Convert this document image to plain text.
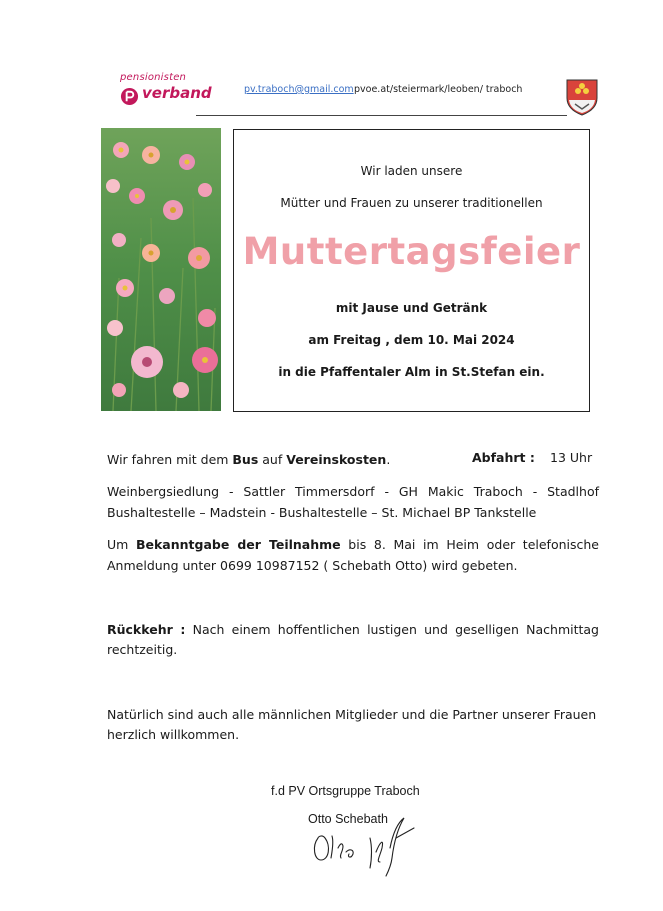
pensionisten
verband	pv.traboch@gmail.com pvoe.at/steiermark/leoben/ traboch
Wir laden unsere
Mütter und Frauen zu unserer traditionellen
Muttertagsfeier
mit Jause und Getränk
am Freitag , dem 10. Mai 2024
in die Pfaffentaler Alm in St.Stefan ein.
Wir fahren mit dem Bus auf Vereinskosten.	Abfahrt : 13 Uhr
Weinbergsiedlung - Sattler Timmersdorf - GH Makic Traboch - Stadlhof
Bushaltestelle – Madstein - Bushaltestelle – St. Michael BP Tankstelle
Um Bekanntgabe der Teilnahme bis 8. Mai im Heim oder telefonische
Anmeldung unter 0699 10987152 ( Schebath Otto) wird gebeten.
Rückkehr : Nach einem hoffentlichen lustigen und geselligen Nachmittag
rechtzeitig.
Natürlich sind auch alle männlichen Mitglieder und die Partner unserer Frauen
herzlich willkommen.
f.d PV Ortsgruppe Traboch
Otto Schebath
